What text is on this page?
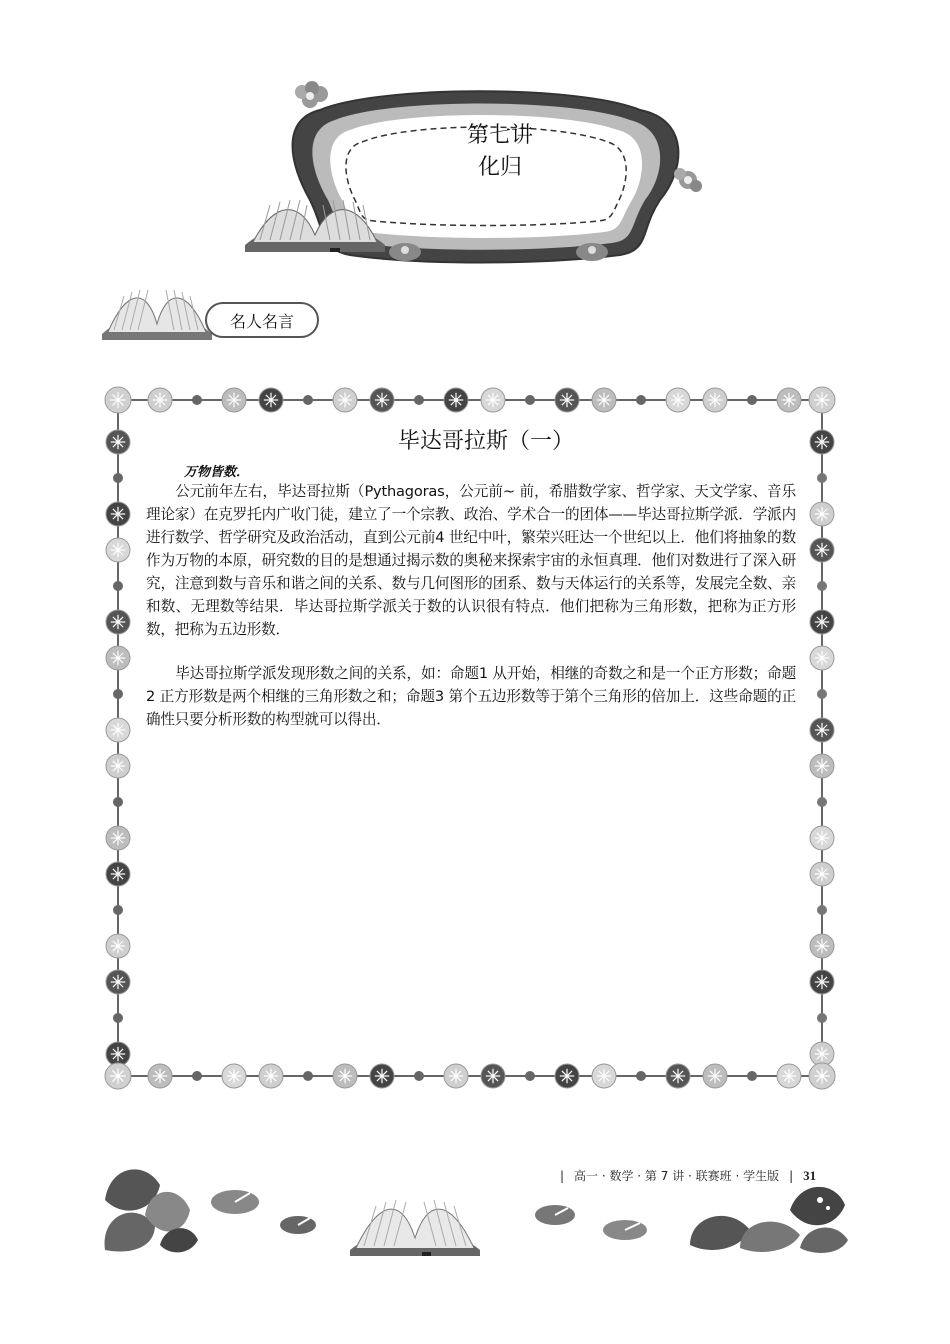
第七讲
化归
名人名言
毕达哥拉斯（一）
万物皆数．

公元前年左右，毕达哥拉斯（Pythagoras，公元前~ 前，希腊数学家、哲学家、天文学家、音乐理论家）在克罗托内广收门徒，建立了一个宗教、政治、学术合一的团体——毕达哥拉斯学派．学派内进行数学、哲学研究及政治活动，直到公元前4 世纪中叶，繁荣兴旺达一个世纪以上．他们将抽象的数作为万物的本原，研究数的目的是想通过揭示数的奥秘来探索宇宙的永恒真理．他们对数进行了深入研究，注意到数与音乐和谐之间的关系、数与几何图形的团系、数与天体运行的关系等，发展完全数、亲和数、无理数等结果．毕达哥拉斯学派关于数的认识很有特点．他们把称为三角形数，把称为正方形数，把称为五边形数．

毕达哥拉斯学派发现形数之间的关系，如：命题1 从开始，相继的奇数之和是一个正方形数；命题2 正方形数是两个相继的三角形数之和；命题3 第个五边形数等于第个三角形的倍加上．这些命题的正确性只要分析形数的构型就可以得出．

| 高一 · 数学 · 第 7 讲 · 联赛班 · 学生版 | 31
